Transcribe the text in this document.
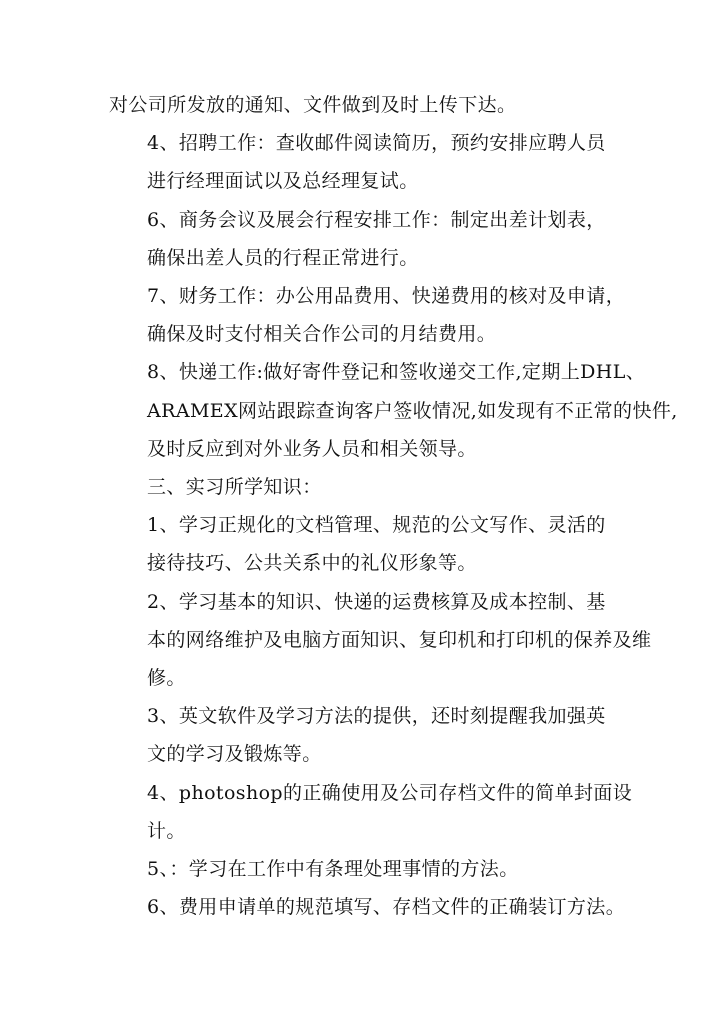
对公司所发放的通知、文件做到及时上传下达。

4、招聘工作：查收邮件阅读简历，预约安排应聘人员
进行经理面试以及总经理复试。

6、商务会议及展会行程安排工作：制定出差计划表，
确保出差人员的行程正常进行。

7、财务工作：办公用品费用、快递费用的核对及申请，
确保及时支付相关合作公司的月结费用。

8、快递工作:做好寄件登记和签收递交工作,定期上DHL、
ARAMEX网站跟踪查询客户签收情况,如发现有不正常的快件,
及时反应到对外业务人员和相关领导。

三、实习所学知识：

1、学习正规化的文档管理、规范的公文写作、灵活的
接待技巧、公共关系中的礼仪形象等。

2、学习基本的知识、快递的运费核算及成本控制、基
本的网络维护及电脑方面知识、复印机和打印机的保养及维
修。

3、英文软件及学习方法的提供，还时刻提醒我加强英
文的学习及锻炼等。

4、photoshop的正确使用及公司存档文件的简单封面设
计。

5、：学习在工作中有条理处理事情的方法。

6、费用申请单的规范填写、存档文件的正确装订方法。
